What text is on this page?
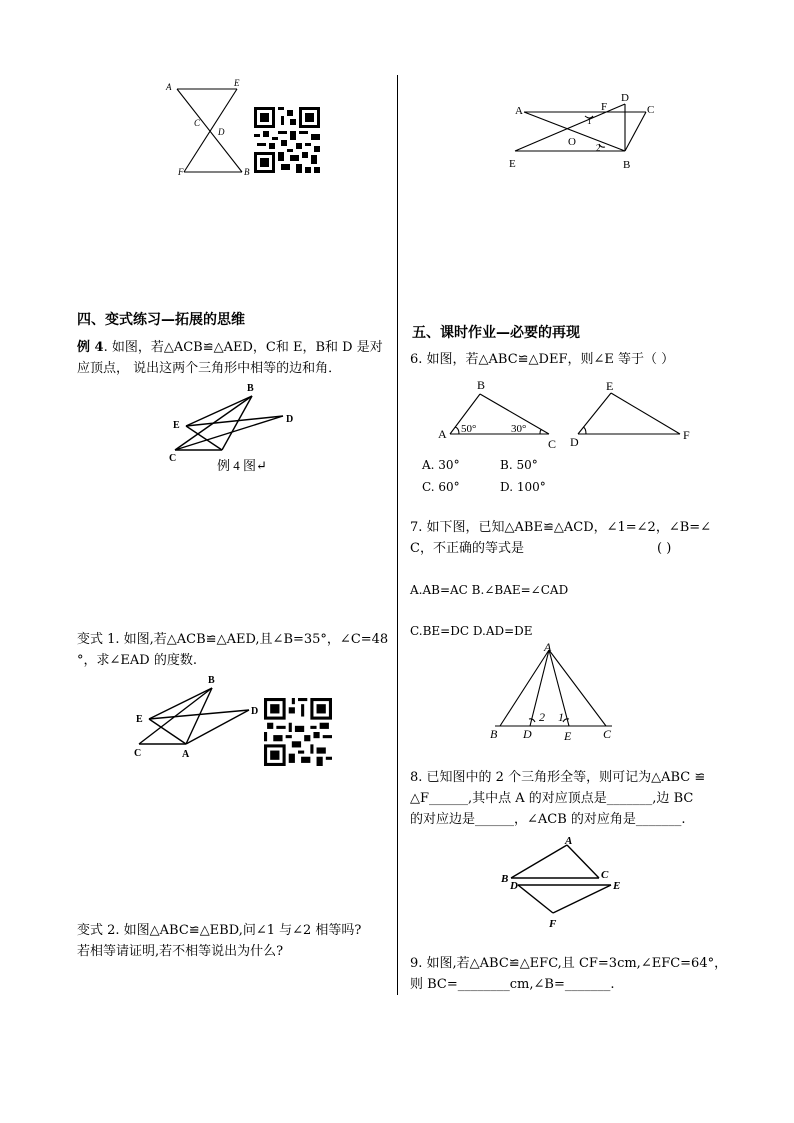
A	E
C
D
F	B
四、变式练习—拓展的思维
例 4. 如图，若△ACB≌△AED，C和 E，B和 D 是对
应顶点， 说出这两个三角形中相等的边和角．
B
E
D
C	例 4 图↵
变式 1. 如图,若△ACB≌△AED,且∠B=35°，∠C=48
°，求∠EAD 的度数.
B
E
D
C	A
变式 2. 如图△ABC≌△EBD,问∠1 与∠2 相等吗?
若相等请证明,若不相等说出为什么?
A	F
D
C
O
1
2
E	B
五、课时作业—必要的再现
6. 如图，若△ABC≌△DEF，则∠E 等于（ ）
B
A
C
50°	30°
E
D	F
A. 30°	B. 50°
C. 60°	D. 100°
7. 如下图，已知△ABE≌△ACD，∠1=∠2，∠B=∠
C，不正确的等式是	( )
A.AB=AC B.∠BAE=∠CAD
C.BE=DC D.AD=DE
A
B D	E	C
1
2
8. 已知图中的 2 个三角形全等，则可记为△ABC ≌
△F______,其中点 A 的对应顶点是_______,边 BC
的对应边是______，∠ACB 的对应角是_______.
A
B	C
D	E
F
9. 如图,若△ABC≌△EFC,且 CF=3cm,∠EFC=64°，
则 BC=________cm,∠B=_______.
